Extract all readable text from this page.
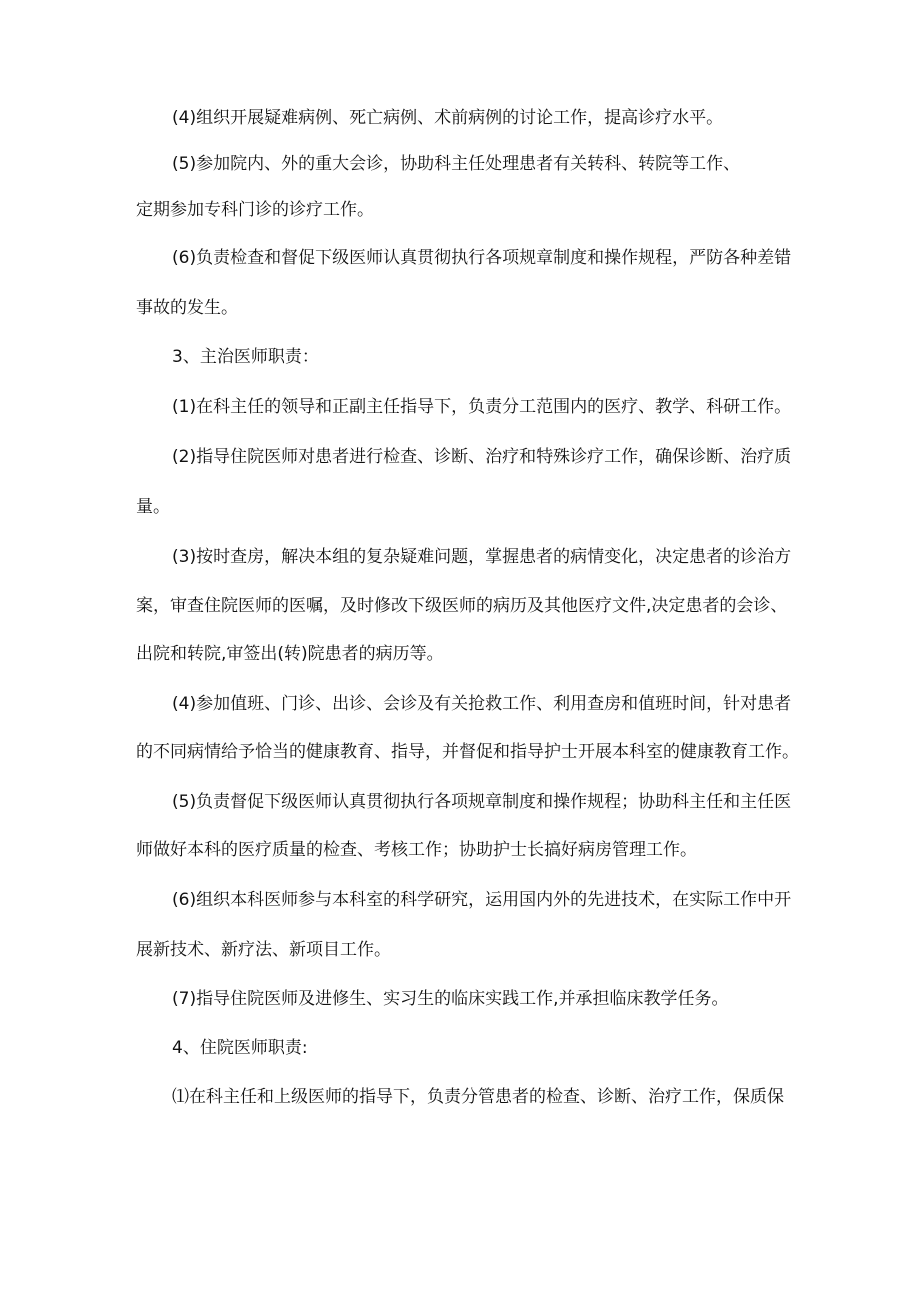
(4)组织开展疑难病例、死亡病例、术前病例的讨论工作，提高诊疗水平。

(5)参加院内、外的重大会诊，协助科主任处理患者有关转科、转院等工作、

定期参加专科门诊的诊疗工作。

(6)负责检查和督促下级医师认真贯彻执行各项规章制度和操作规程，严防各种差错

事故的发生。

3、主治医师职责：

(1)在科主任的领导和正副主任指导下，负责分工范围内的医疗、教学、科研工作。

(2)指导住院医师对患者进行检查、诊断、治疗和特殊诊疗工作，确保诊断、治疗质

量。

(3)按时查房，解决本组的复杂疑难问题，掌握患者的病情变化，决定患者的诊治方

案，审查住院医师的医嘱，及时修改下级医师的病历及其他医疗文件,决定患者的会诊、

出院和转院,审签出(转)院患者的病历等。

(4)参加值班、门诊、出诊、会诊及有关抢救工作、利用查房和值班时间，针对患者

的不同病情给予恰当的健康教育、指导，并督促和指导护士开展本科室的健康教育工作。

(5)负责督促下级医师认真贯彻执行各项规章制度和操作规程；协助科主任和主任医

师做好本科的医疗质量的检查、考核工作；协助护士长搞好病房管理工作。

(6)组织本科医师参与本科室的科学研究，运用国内外的先进技术，在实际工作中开

展新技术、新疗法、新项目工作。

(7)指导住院医师及进修生、实习生的临床实践工作,并承担临床教学任务。

4、住院医师职责:

⑴在科主任和上级医师的指导下，负责分管患者的检查、诊断、治疗工作，保质保
